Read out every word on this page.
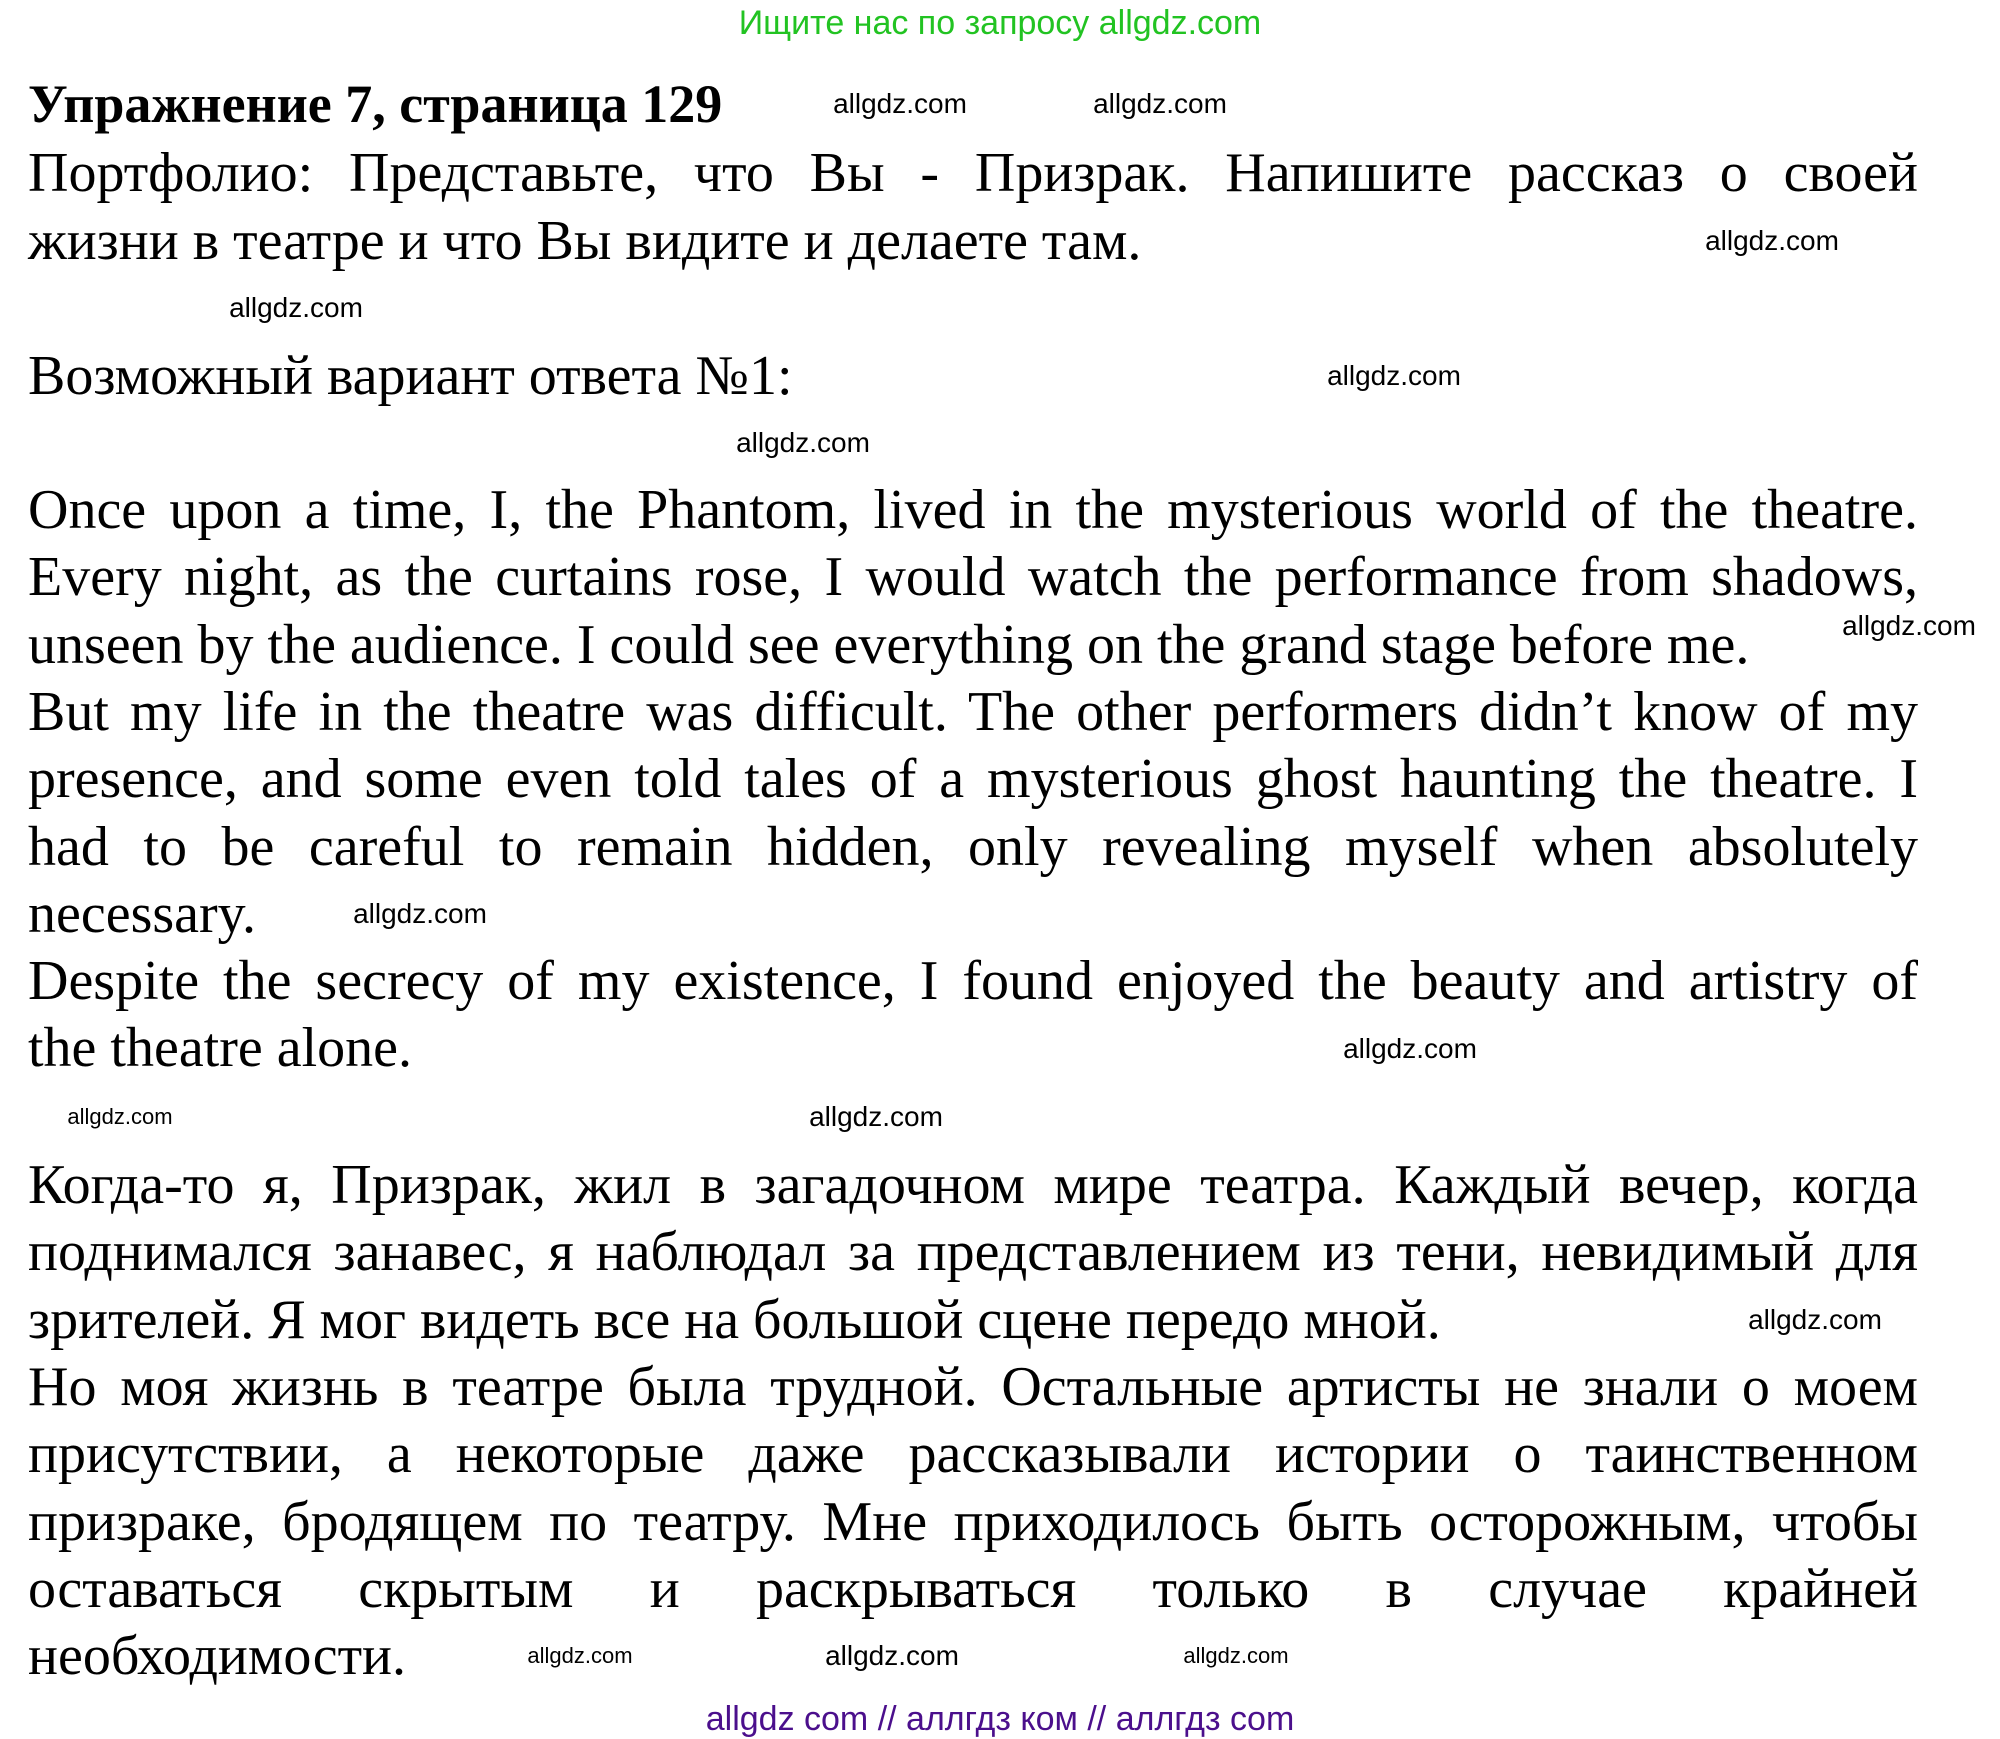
Ищите нас по запросу allgdz.com
Упражнение 7, страница 129
Портфолио: Представьте, что Вы - Призрак. Напишите рассказ о своей
жизни в театре и что Вы видите и делаете там.
Возможный вариант ответа №1:
Once upon a time, I, the Phantom, lived in the mysterious world of the theatre.
Every night, as the curtains rose, I would watch the performance from shadows,
unseen by the audience. I could see everything on the grand stage before me.
But my life in the theatre was difficult. The other performers didn’t know of my
presence, and some even told tales of a mysterious ghost haunting the theatre. I
had to be careful to remain hidden, only revealing myself when absolutely
necessary.
Despite the secrecy of my existence, I found enjoyed the beauty and artistry of
the theatre alone.
Когда-то я, Призрак, жил в загадочном мире театра. Каждый вечер, когда
поднимался занавес, я наблюдал за представлением из тени, невидимый для
зрителей. Я мог видеть все на большой сцене передо мной.
Но моя жизнь в театре была трудной. Остальные артисты не знали о моем
присутствии, а некоторые даже рассказывали истории о таинственном
призраке, бродящем по театру. Мне приходилось быть осторожным, чтобы
оставаться скрытым и раскрываться только в случае крайней
необходимости.
allgdz.com	allgdz.com
allgdz.com
allgdz.com
allgdz.com
allgdz.com
allgdz.com
allgdz.com
allgdz.com
allgdz.com
allgdz.com
allgdz.com
allgdz.com	allgdz.com
allgdz.com
allgdz com // аллгдз ком // аллгдз com
